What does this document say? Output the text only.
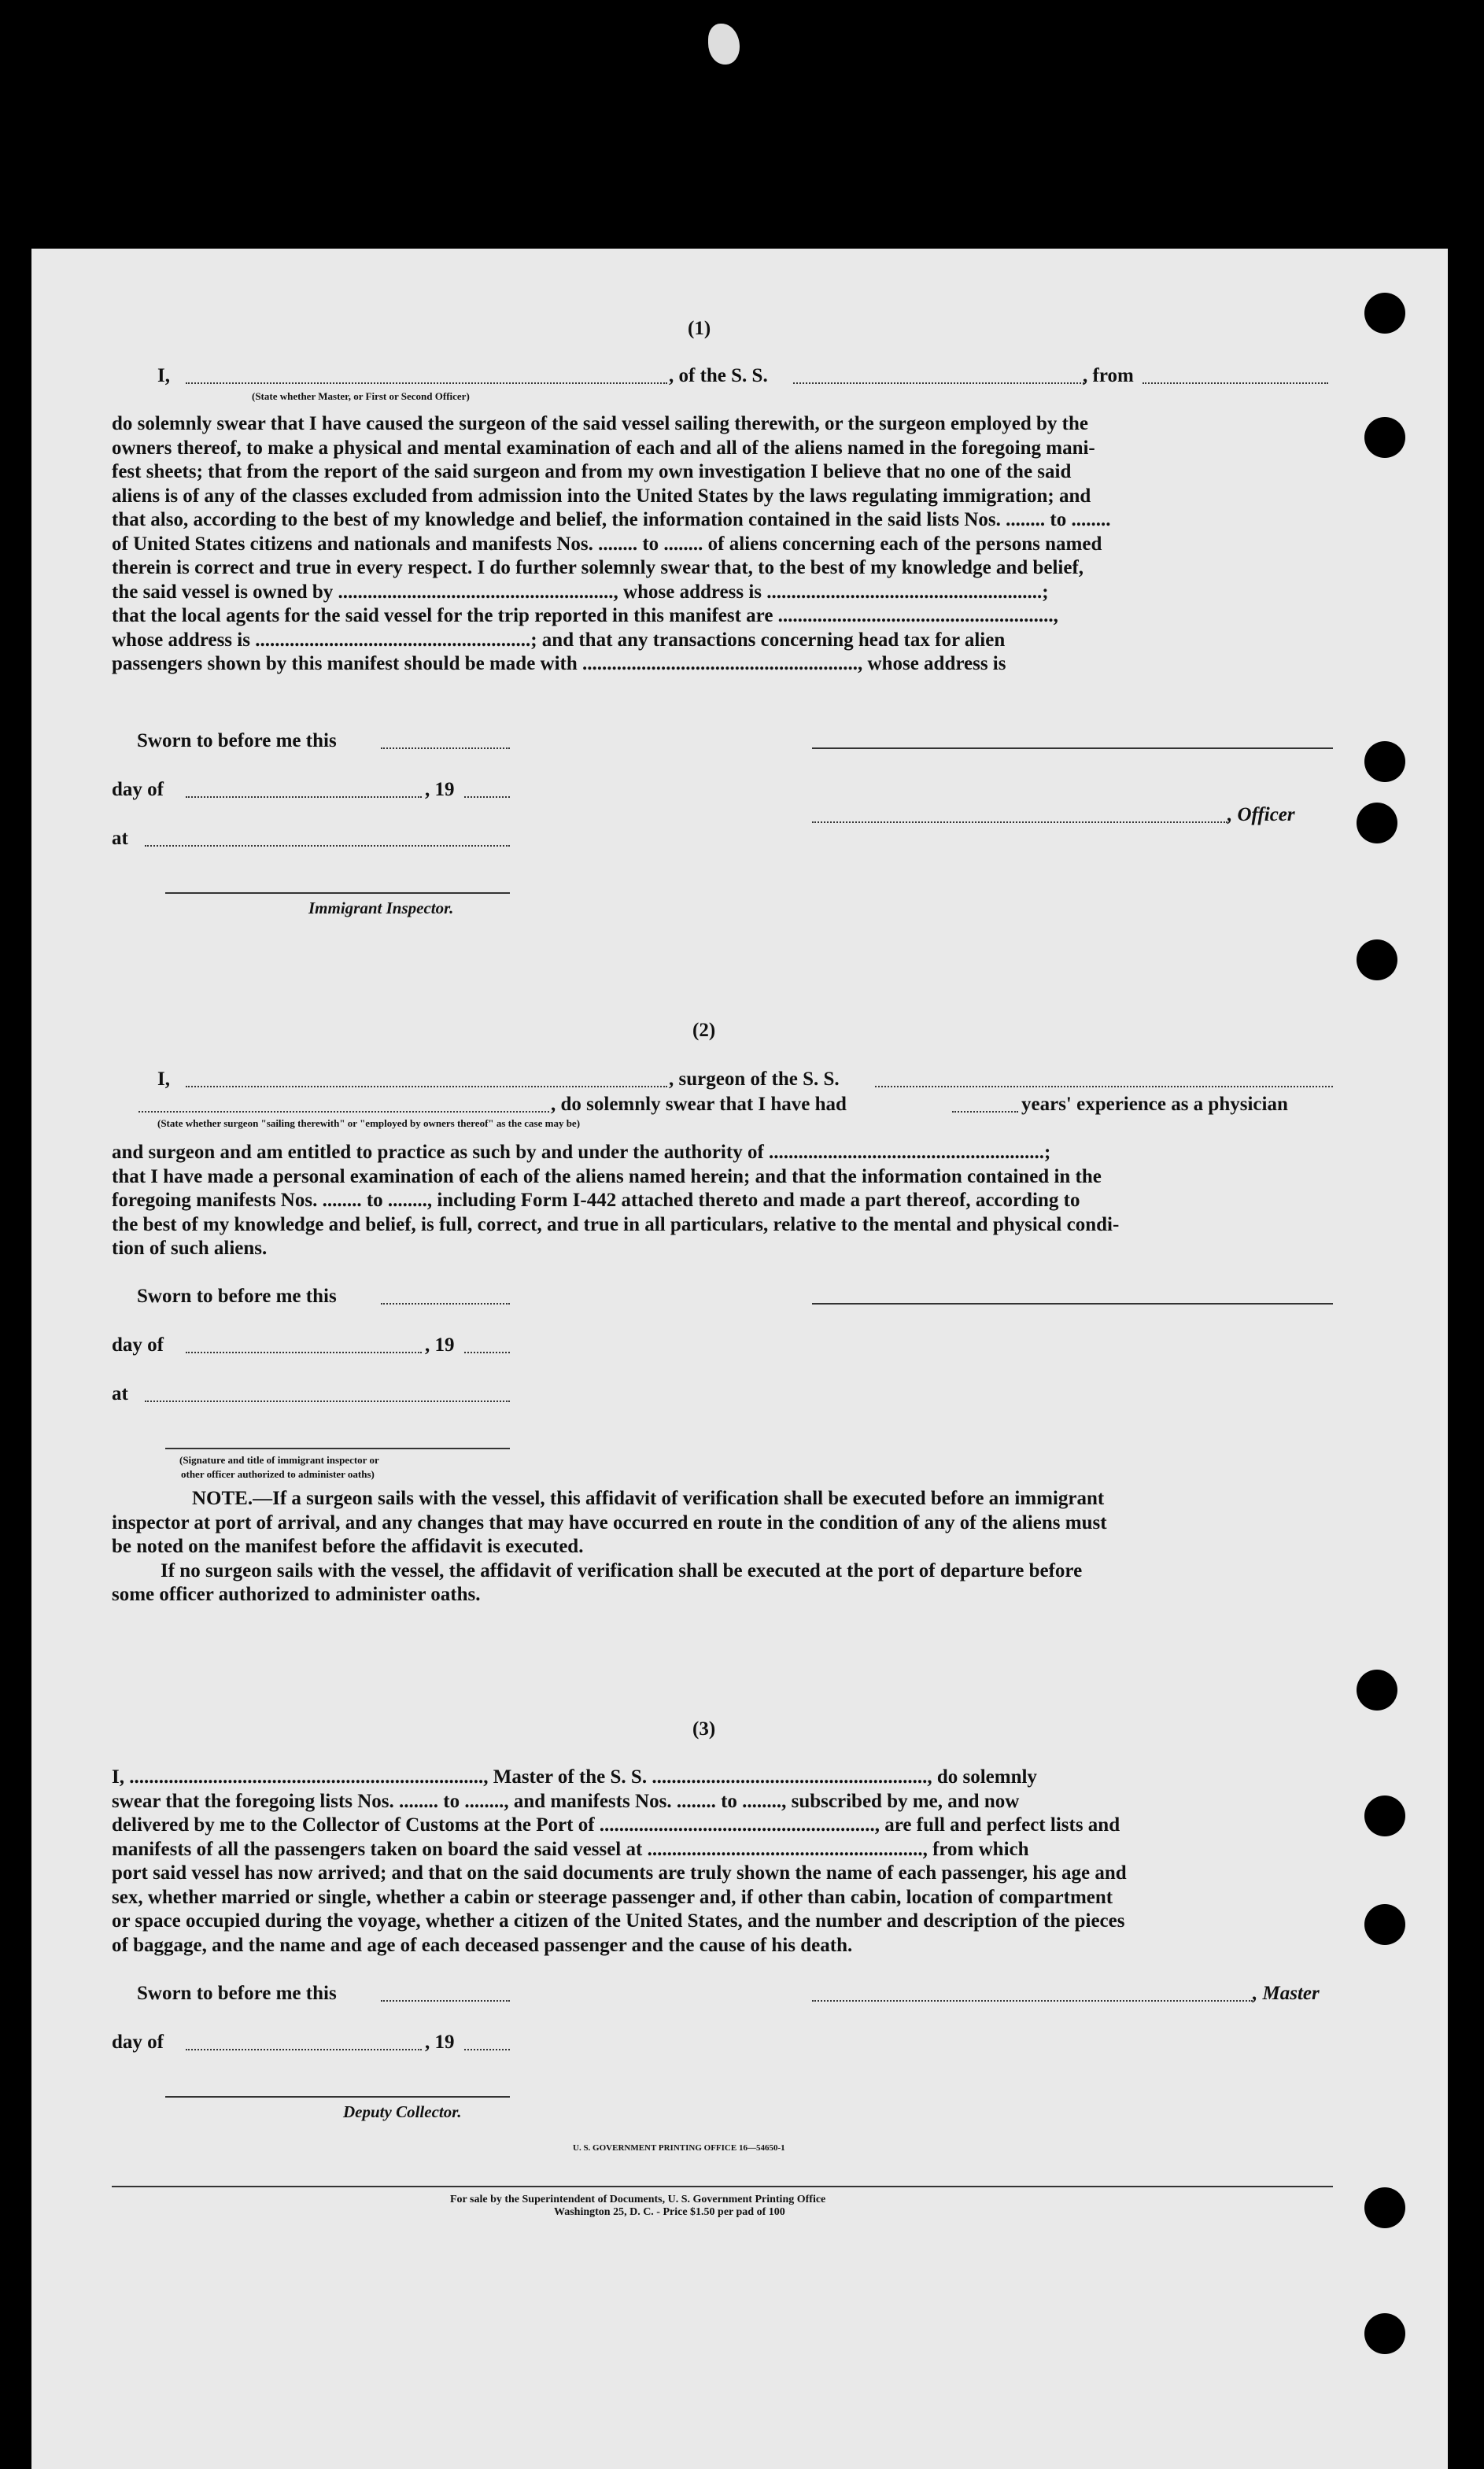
(1)
I,
(State whether Master, or First or Second Officer)
, of the S. S.	, from

do solemnly swear that I have caused the surgeon of the said vessel sailing therewith, or the surgeon employed by the

owners thereof, to make a physical and mental examination of each and all of the aliens named in the foregoing mani-

fest sheets; that from the report of the said surgeon and from my own investigation I believe that no one of the said

aliens is of any of the classes excluded from admission into the United States by the laws regulating immigration; and

that also, according to the best of my knowledge and belief, the information contained in the said lists Nos. ........ to ........

of United States citizens and nationals and manifests Nos. ........ to ........ of aliens concerning each of the persons named

therein is correct and true in every respect. I do further solemnly swear that, to the best of my knowledge and belief,

the said vessel is owned by ........................................................, whose address is ........................................................;

that the local agents for the said vessel for the trip reported in this manifest are ........................................................,

whose address is ........................................................; and that any transactions concerning head tax for alien

passengers shown by this manifest should be made with ........................................................, whose address is

Sworn to before me this
day of	, 19
, Officer
at
Immigrant Inspector.
(2)
I,	, surgeon of the S. S.
, do solemnly swear that I have had	years' experience as a physician
(State whether surgeon "sailing therewith" or "employed by owners thereof" as the case may be)

and surgeon and am entitled to practice as such by and under the authority of ........................................................;

that I have made a personal examination of each of the aliens named herein; and that the information contained in the

foregoing manifests Nos. ........ to ........, including Form I-442 attached thereto and made a part thereof, according to

the best of my knowledge and belief, is full, correct, and true in all particulars, relative to the mental and physical condi-

tion of such aliens.

Sworn to before me this
day of	, 19
at
(Signature and title of immigrant inspector or
other officer authorized to administer oaths)

NOTE.—If a surgeon sails with the vessel, this affidavit of verification shall be executed before an immigrant

inspector at port of arrival, and any changes that may have occurred en route in the condition of any of the aliens must

be noted on the manifest before the affidavit is executed.

If no surgeon sails with the vessel, the affidavit of verification shall be executed at the port of departure before

some officer authorized to administer oaths.

(3)

I, ........................................................................, Master of the S. S. ........................................................, do solemnly

swear that the foregoing lists Nos. ........ to ........, and manifests Nos. ........ to ........, subscribed by me, and now

delivered by me to the Collector of Customs at the Port of ........................................................, are full and perfect lists and

manifests of all the passengers taken on board the said vessel at ........................................................, from which

port said vessel has now arrived; and that on the said documents are truly shown the name of each passenger, his age and

sex, whether married or single, whether a cabin or steerage passenger and, if other than cabin, location of compartment

or space occupied during the voyage, whether a citizen of the United States, and the number and description of the pieces

of baggage, and the name and age of each deceased passenger and the cause of his death.

Sworn to before me this	, Master
day of	, 19
Deputy Collector.
U. S. GOVERNMENT PRINTING OFFICE 16—54650-1
For sale by the Superintendent of Documents, U. S. Government Printing Office
Washington 25, D. C. - Price $1.50 per pad of 100
